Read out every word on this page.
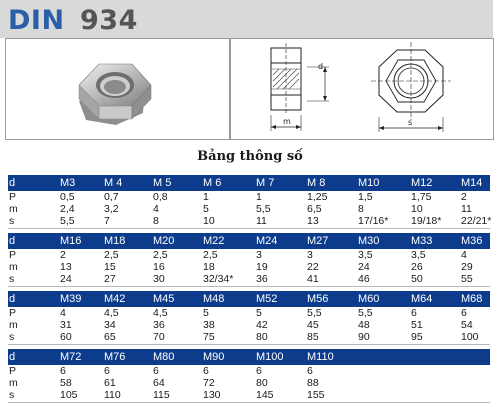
DIN 934
m
d
s
Bảng thông số
d	M3	M 4	M 5	M 6	M 7	M 8	M10	M12	M14
P	0,5	0,7	0,8	1	1	1,25	1,5	1,75	2
m	2,4	3,2	4	5	5,5	6,5	8	10	11
s	5,5	7	8	10	11	13	17/16* 19/18* 22/21*
d	M16 M18	M20	M22	M24	M27	M30	M33	M36
P	2	2,5	2,5	2,5	3	3	3,5	3,5	4
m	13	15	16	18	19	22	24	26	29
s	24	27	30	32/34* 36	41	46	50	55
d	M39 M42	M45	M48	M52	M56	M60	M64	M68
P	4	4,5	4,5	5	5	5,5	5,5	6	6
m	31	34	36	38	42	45	48	51	54
s	60	65	70	75	80	85	90	95	100
d	M72 M76	M80	M90	M100 M110
P	6	6	6	6	6	6
m	58	61	64	72	80	88
s	105	110	115	130	145	155
